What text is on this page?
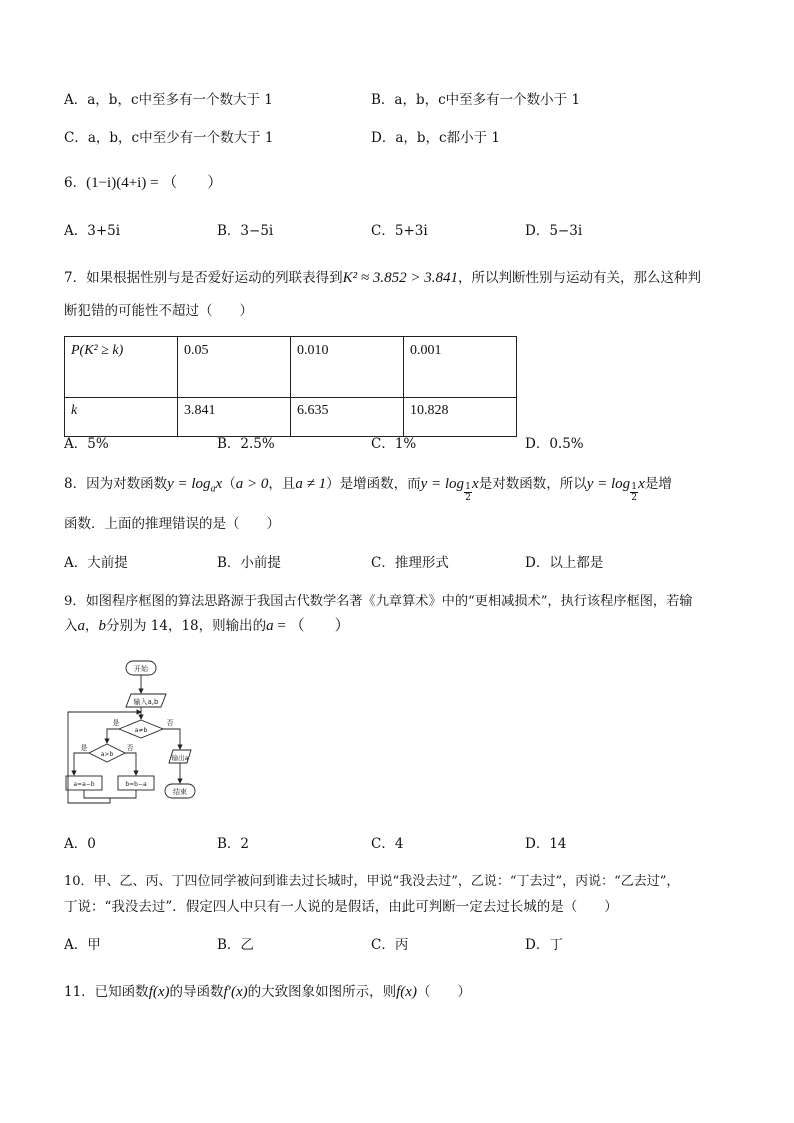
A．a，b，c中至多有一个数大于 1	B．a，b，c中至多有一个数小于 1
C．a，b，c中至少有一个数大于 1	D．a，b，c都小于 1
6．(1−i)(4+i) = （　　）
A．3+5i	B．3−5i	C．5+3i	D．5−3i
7．如果根据性别与是否爱好运动的列联表得到K² ≈ 3.852 > 3.841，所以判断性别与运动有关，那么这种判
断犯错的可能性不超过（　　）
P(K² ≥ k)	0.05	0.010	0.001
k	3.841	6.635	10.828
A．5%	B．2.5%	C．1%	D．0.5%
8．因为对数函数$y = \log_ax(a > 0$，且a ≠ 1）是增函数，而$y = \log \frac{1}{2}$ x是对数函数，所以$y = \log \frac{1}{2}$ x是增
函数．上面的推理错误的是（　　）
A．大前提	B．小前提	C．推理形式	D．以上都是
9．如图程序框图的算法思路源于我国古代数学名著《九章算术》中的“更相减损术”，执行该程序框图，若输
入a，b分别为 14，18，则输出的a = （　　）
开始
输入a,b
a≠b
是	否
a>b
是	否
a=a−b	b=b−a
输出a
结束
A．0	B．2	C．4	D．14
10．甲、乙、丙、丁四位同学被问到谁去过长城时，甲说“我没去过”，乙说：“丁去过”，丙说：“乙去过”，
丁说：“我没去过”．假定四人中只有一人说的是假话，由此可判断一定去过长城的是（　　）
A．甲	B．乙	C．丙	D．丁
11．已知函数f(x)的导函数f′(x)的大致图象如图所示，则f(x)（　　）
